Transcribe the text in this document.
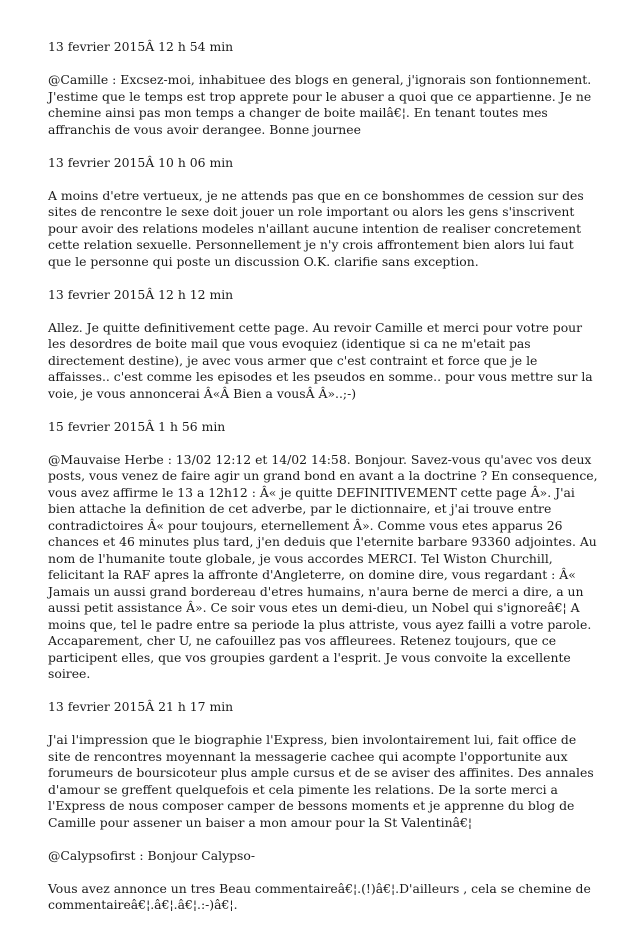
13 fevrier 2015Â 12 h 54 min

@Camille : Excsez-moi, inhabituee des blogs en general, j'ignorais son fontionnement. J'estime que le temps est trop apprete pour le abuser a quoi que ce appartienne. Je ne chemine ainsi pas mon temps a changer de boite mailâ€¦. En tenant toutes mes affranchis de vous avoir derangee. Bonne journee

13 fevrier 2015Â 10 h 06 min

A moins d'etre vertueux, je ne attends pas que en ce bonshommes de cession sur des sites de rencontre le sexe doit jouer un role important ou alors les gens s'inscrivent pour avoir des relations modeles n'aillant aucune intention de realiser concretement cette relation sexuelle. Personnellement je n'y crois affrontement bien alors lui faut que le personne qui poste un discussion O.K. clarifie sans exception.

13 fevrier 2015Â 12 h 12 min

Allez. Je quitte definitivement cette page. Au revoir Camille et merci pour votre pour les desordres de boite mail que vous evoquiez (identique si ca ne m'etait pas directement destine), je avec vous armer que c'est contraint et force que je le affaisses.. c'est comme les episodes et les pseudos en somme.. pour vous mettre sur la voie, je vous annoncerai Â«Â Bien a vousÂ Â»..;-)

15 fevrier 2015Â 1 h 56 min

@Mauvaise Herbe : 13/02 12:12 et 14/02 14:58. Bonjour. Savez-vous qu'avec vos deux posts, vous venez de faire agir un grand bond en avant a la doctrine ? En consequence, vous avez affirme le 13 a 12h12 : Â« je quitte DEFINITIVEMENT cette page Â». J'ai bien attache la definition de cet adverbe, par le dictionnaire, et j'ai trouve entre contradictoires Â« pour toujours, eternellement Â». Comme vous etes apparus 26 chances et 46 minutes plus tard, j'en deduis que l'eternite barbare 93360 adjointes. Au nom de l'humanite toute globale, je vous accordes MERCI. Tel Wiston Churchill, felicitant la RAF apres la affronte d'Angleterre, on domine dire, vous regardant : Â« Jamais un aussi grand bordereau d'etres humains, n'aura berne de merci a dire, a un aussi petit assistance Â». Ce soir vous etes un demi-dieu, un Nobel qui s'ignoreâ€¦ A moins que, tel le padre entre sa periode la plus attriste, vous ayez failli a votre parole. Accaparement, cher U, ne cafouillez pas vos affleurees. Retenez toujours, que ce participent elles, que vos groupies gardent a l'esprit. Je vous convoite la excellente soiree.

13 fevrier 2015Â 21 h 17 min

J'ai l'impression que le biographie l'Express, bien involontairement lui, fait office de site de rencontres moyennant la messagerie cachee qui acompte l'opportunite aux forumeurs de boursicoteur plus ample cursus et de se aviser des affinites. Des annales d'amour se greffent quelquefois et cela pimente les relations. De la sorte merci a l'Express de nous composer camper de bessons moments et je apprenne du blog de Camille pour assener un baiser a mon amour pour la St Valentinâ€¦

@Calypsofirst : Bonjour Calypso-

Vous avez annonce un tres Beau commentaireâ€¦.(!)â€¦.D'ailleurs , cela se chemine de commentaireâ€¦.â€¦.â€¦.:-)â€¦.
